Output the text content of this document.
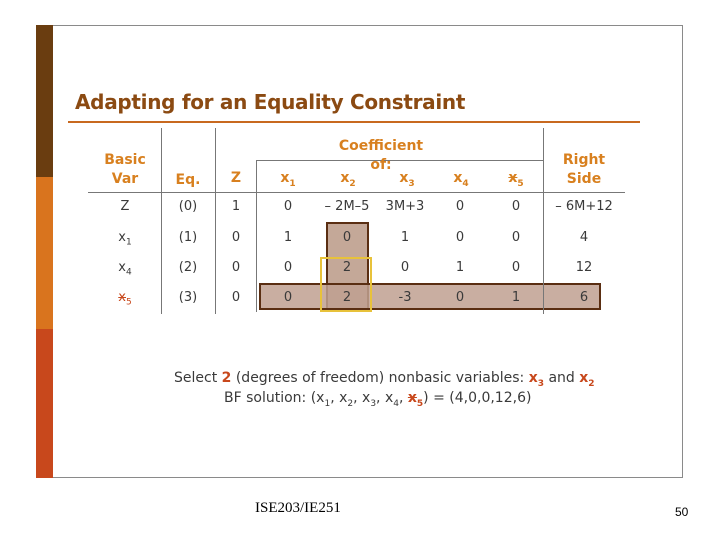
Adapting for an Equality Constraint
Coefficient of:
Basic
Var	Eq.	Z	$x_1$	$x_2$	$x_3$	$x_4$	$x_5$
Right
Side
Z	(0)	1	0	– 2M–5	3M+3	0	0	– 6M+12
$x_1$	(1)	0	1	0	1	0	0	4
$x_4$	(2)	0	0	2	0	1	0	12
$x_5$	(3)	0	0	2	-3	0	1	6
Select 2 (degrees of freedom) nonbasic variables: $x_3$ and $x_2$
BF solution: ($x_1$, $x_2$, $x_3$, $x_4$, $x_5) = (4,0,0,12,6)$
ISE203/IE251	50
